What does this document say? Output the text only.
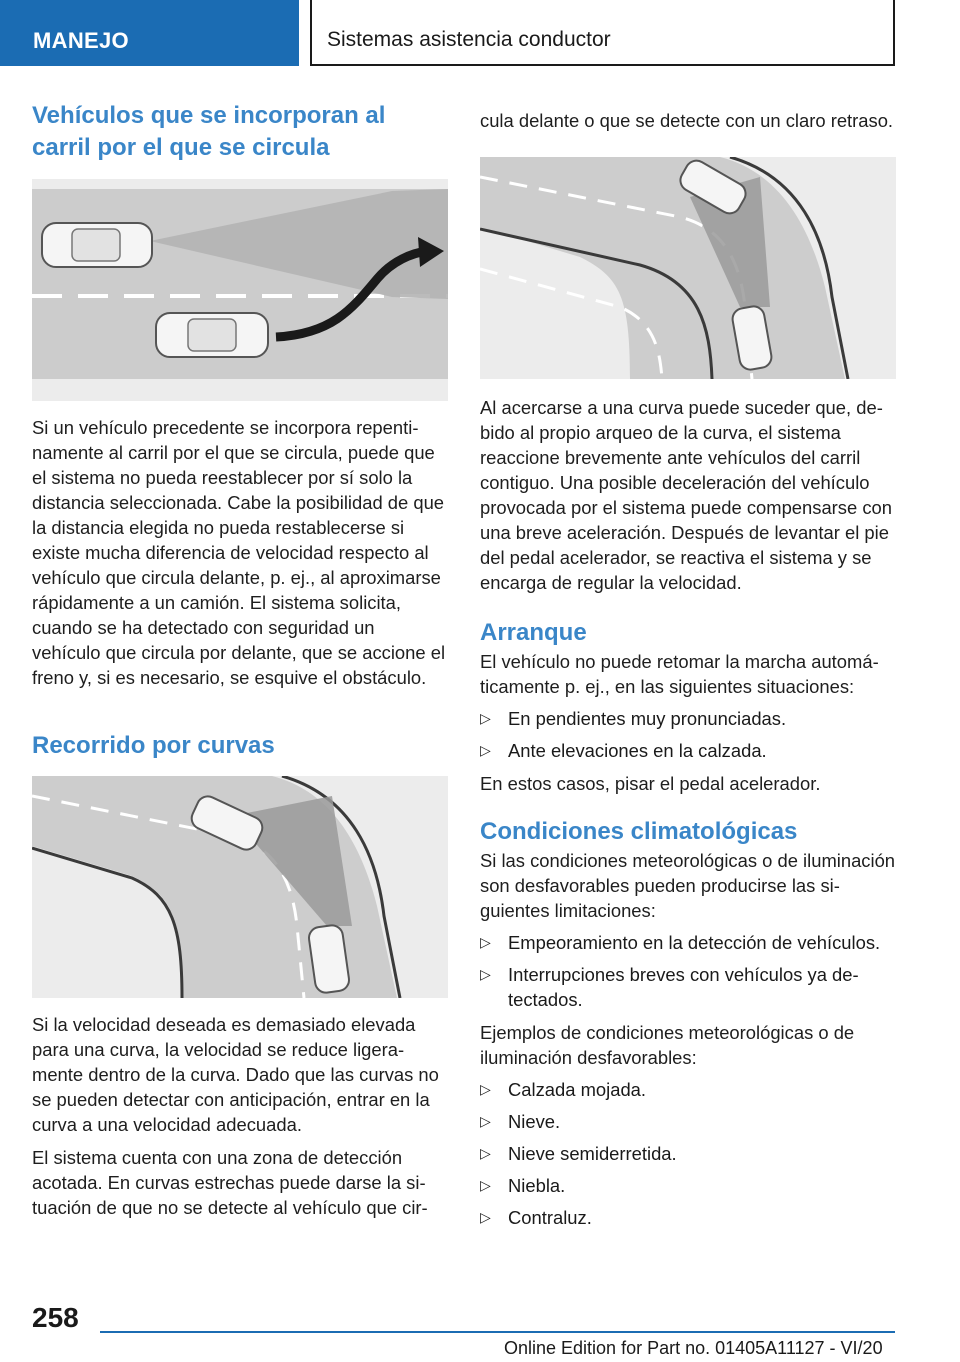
MANEJO	Sistemas asistencia conductor
Vehículos que se incorporan al carril por el que se circula

Si un vehículo precedente se incorpora repentinamente al carril por el que se circula, puede que el sistema no pueda reestablecer por sí solo la distancia seleccionada. Cabe la posibilidad de que la distancia elegida no pueda restablecerse si existe mucha diferencia de velocidad respecto al vehículo que circula delante, p. ej., al aproximarse rápidamente a un camión. El sistema solicita, cuando se ha detectado con seguridad un vehículo que circula por delante, que se accione el freno y, si es necesario, se esquive el obstáculo.

Recorrido por curvas

Si la velocidad deseada es demasiado elevada para una curva, la velocidad se reduce ligeramente dentro de la curva. Dado que las curvas no se pueden detectar con anticipación, entrar en la curva a una velocidad adecuada.

El sistema cuenta con una zona de detección acotada. En curvas estrechas puede darse la situación de que no se detecte al vehículo que cir-

cula delante o que se detecte con un claro retraso.

Al acercarse a una curva puede suceder que, debido al propio arqueo de la curva, el sistema reaccione brevemente ante vehículos del carril contiguo. Una posible deceleración del vehículo provocada por el sistema puede compensarse con una breve aceleración. Después de levantar el pie del pedal acelerador, se reactiva el sistema y se encarga de regular la velocidad.

Arranque

El vehículo no puede retomar la marcha automáticamente p. ej., en las siguientes situaciones:

▷ En pendientes muy pronunciadas.
▷ Ante elevaciones en la calzada.

En estos casos, pisar el pedal acelerador.

Condiciones climatológicas

Si las condiciones meteorológicas o de iluminación son desfavorables pueden producirse las siguientes limitaciones:

▷ Empeoramiento en la detección de vehículos.
▷ Interrupciones breves con vehículos ya detectados.

Ejemplos de condiciones meteorológicas o de iluminación desfavorables:

▷ Calzada mojada.
▷ Nieve.
▷ Nieve semiderretida.
▷ Niebla.
▷ Contraluz.
258
Online Edition for Part no. 01405A11127 - VI/20
